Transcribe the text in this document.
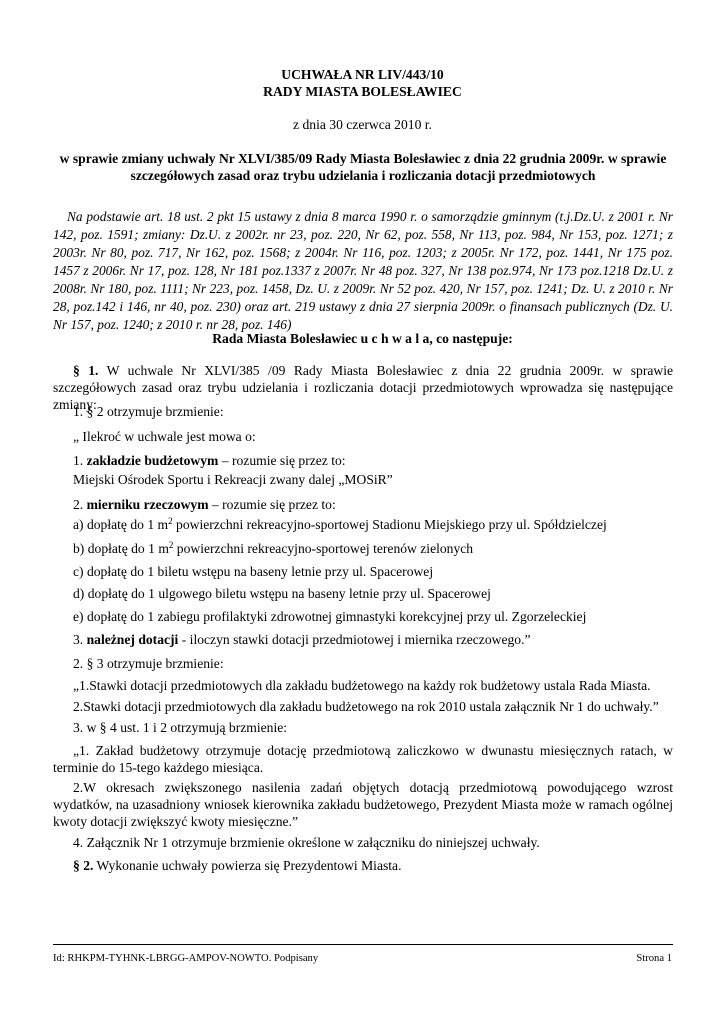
UCHWAŁA NR LIV/443/10
RADY MIASTA BOLESŁAWIEC
z dnia 30 czerwca 2010 r.
w sprawie zmiany uchwały Nr XLVI/385/09 Rady Miasta Bolesławiec z dnia 22 grudnia 2009r. w sprawie szczegółowych zasad oraz trybu udzielania i rozliczania dotacji przedmiotowych
Na podstawie art. 18 ust. 2 pkt 15 ustawy z dnia 8 marca 1990 r. o samorządzie gminnym (t.j.Dz.U. z 2001 r. Nr 142, poz. 1591; zmiany: Dz.U. z 2002r. nr 23, poz. 220, Nr 62, poz. 558, Nr 113, poz. 984, Nr 153, poz. 1271; z 2003r. Nr 80, poz. 717, Nr 162, poz. 1568; z 2004r. Nr 116, poz. 1203; z 2005r. Nr 172, poz. 1441, Nr 175 poz. 1457 z 2006r. Nr 17, poz. 128, Nr 181 poz.1337 z 2007r. Nr 48 poz. 327, Nr 138 poz.974, Nr 173 poz.1218 Dz.U. z 2008r. Nr 180, poz. 1111; Nr 223, poz. 1458, Dz. U. z 2009r. Nr 52 poz. 420, Nr 157, poz. 1241; Dz. U. z 2010 r. Nr 28, poz.142 i 146, nr 40, poz. 230) oraz art. 219 ustawy z dnia 27 sierpnia 2009r. o finansach publicznych (Dz. U. Nr 157, poz. 1240; z 2010 r. nr 28, poz. 146)
Rada Miasta Bolesławiec u c h w a l a, co następuje:
§ 1. W uchwale Nr XLVI/385 /09 Rady Miasta Bolesławiec z dnia 22 grudnia 2009r. w sprawie szczegółowych zasad oraz trybu udzielania i rozliczania dotacji przedmiotowych wprowadza się następujące zmiany:
1. § 2 otrzymuje brzmienie:
„ Ilekroć w uchwale jest mowa o:
1. zakładzie budżetowym – rozumie się przez to:
Miejski Ośrodek Sportu i Rekreacji zwany dalej „MOSiR”
2. mierniku rzeczowym – rozumie się przez to:
a) dopłatę do 1 $m^2$ powierzchni rekreacyjno-sportowej Stadionu Miejskiego przy ul. Spółdzielczej
b) dopłatę do 1 $m^2$ powierzchni rekreacyjno-sportowej terenów zielonych
c) dopłatę do 1 biletu wstępu na baseny letnie przy ul. Spacerowej
d) dopłatę do 1 ulgowego biletu wstępu na baseny letnie przy ul. Spacerowej
e) dopłatę do 1 zabiegu profilaktyki zdrowotnej gimnastyki korekcyjnej przy ul. Zgorzeleckiej
3. należnej dotacji - iloczyn stawki dotacji przedmiotowej i miernika rzeczowego.”
2. § 3 otrzymuje brzmienie:
„1.Stawki dotacji przedmiotowych dla zakładu budżetowego na każdy rok budżetowy ustala Rada Miasta.
2.Stawki dotacji przedmiotowych dla zakładu budżetowego na rok 2010 ustala załącznik Nr 1 do uchwały.”
3. w § 4 ust. 1 i 2 otrzymują brzmienie:
„1. Zakład budżetowy otrzymuje dotację przedmiotową zaliczkowo w dwunastu miesięcznych ratach, w terminie do 15-tego każdego miesiąca.
2.W okresach zwiększonego nasilenia zadań objętych dotacją przedmiotową powodującego wzrost wydatków, na uzasadniony wniosek kierownika zakładu budżetowego, Prezydent Miasta może w ramach ogólnej kwoty dotacji zwiększyć kwoty miesięczne.”
4. Załącznik Nr 1 otrzymuje brzmienie określone w załączniku do niniejszej uchwały.
§ 2. Wykonanie uchwały powierza się Prezydentowi Miasta.
Id: RHKPM-TYHNK-LBRGG-AMPOV-NOWTO. Podpisany	Strona 1
